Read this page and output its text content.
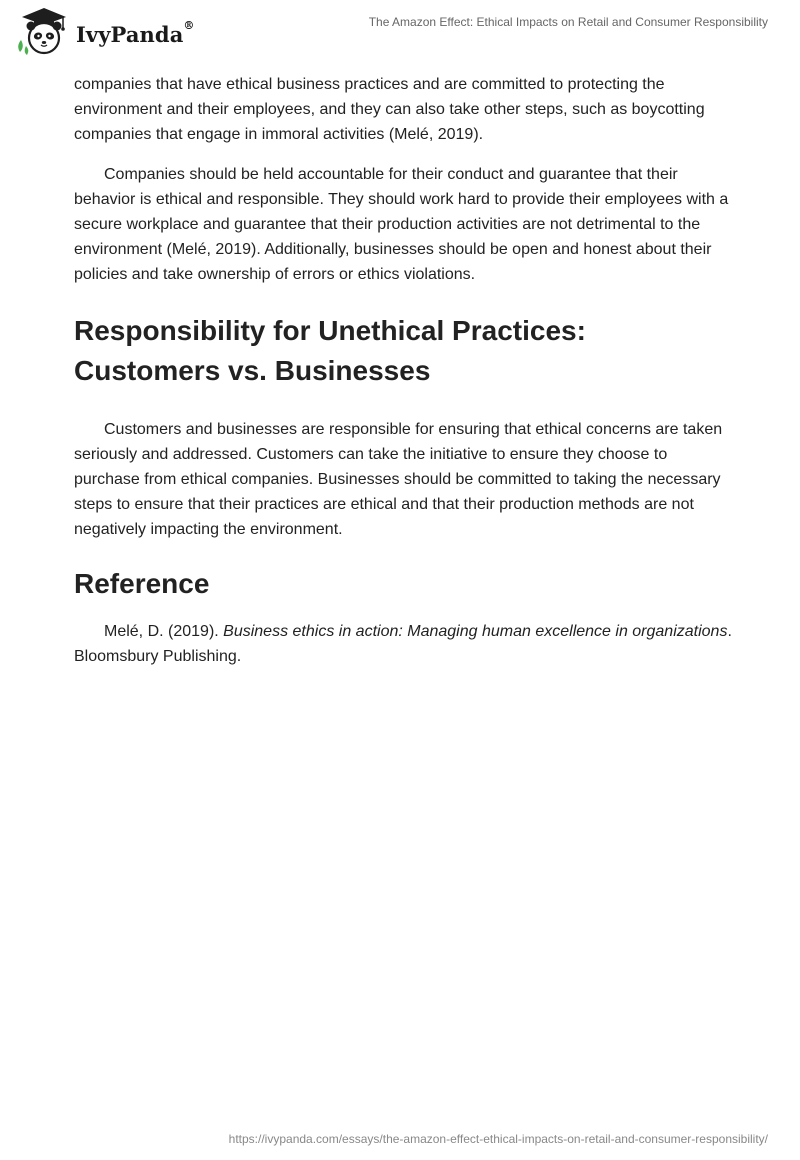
IvyPanda®	The Amazon Effect: Ethical Impacts on Retail and Consumer Responsibility

companies that have ethical business practices and are committed to protecting the environment and their employees, and they can also take other steps, such as boycotting companies that engage in immoral activities (Melé, 2019).

Companies should be held accountable for their conduct and guarantee that their behavior is ethical and responsible. They should work hard to provide their employees with a secure workplace and guarantee that their production activities are not detrimental to the environment (Melé, 2019). Additionally, businesses should be open and honest about their policies and take ownership of errors or ethics violations.

Responsibility for Unethical Practices:
Customers vs. Businesses

Customers and businesses are responsible for ensuring that ethical concerns are taken seriously and addressed. Customers can take the initiative to ensure they choose to purchase from ethical companies. Businesses should be committed to taking the necessary steps to ensure that their practices are ethical and that their production methods are not negatively impacting the environment.

Reference

Melé, D. (2019). Business ethics in action: Managing human excellence in organizations. Bloomsbury Publishing.

https://ivypanda.com/essays/the-amazon-effect-ethical-impacts-on-retail-and-consumer-responsibility/
